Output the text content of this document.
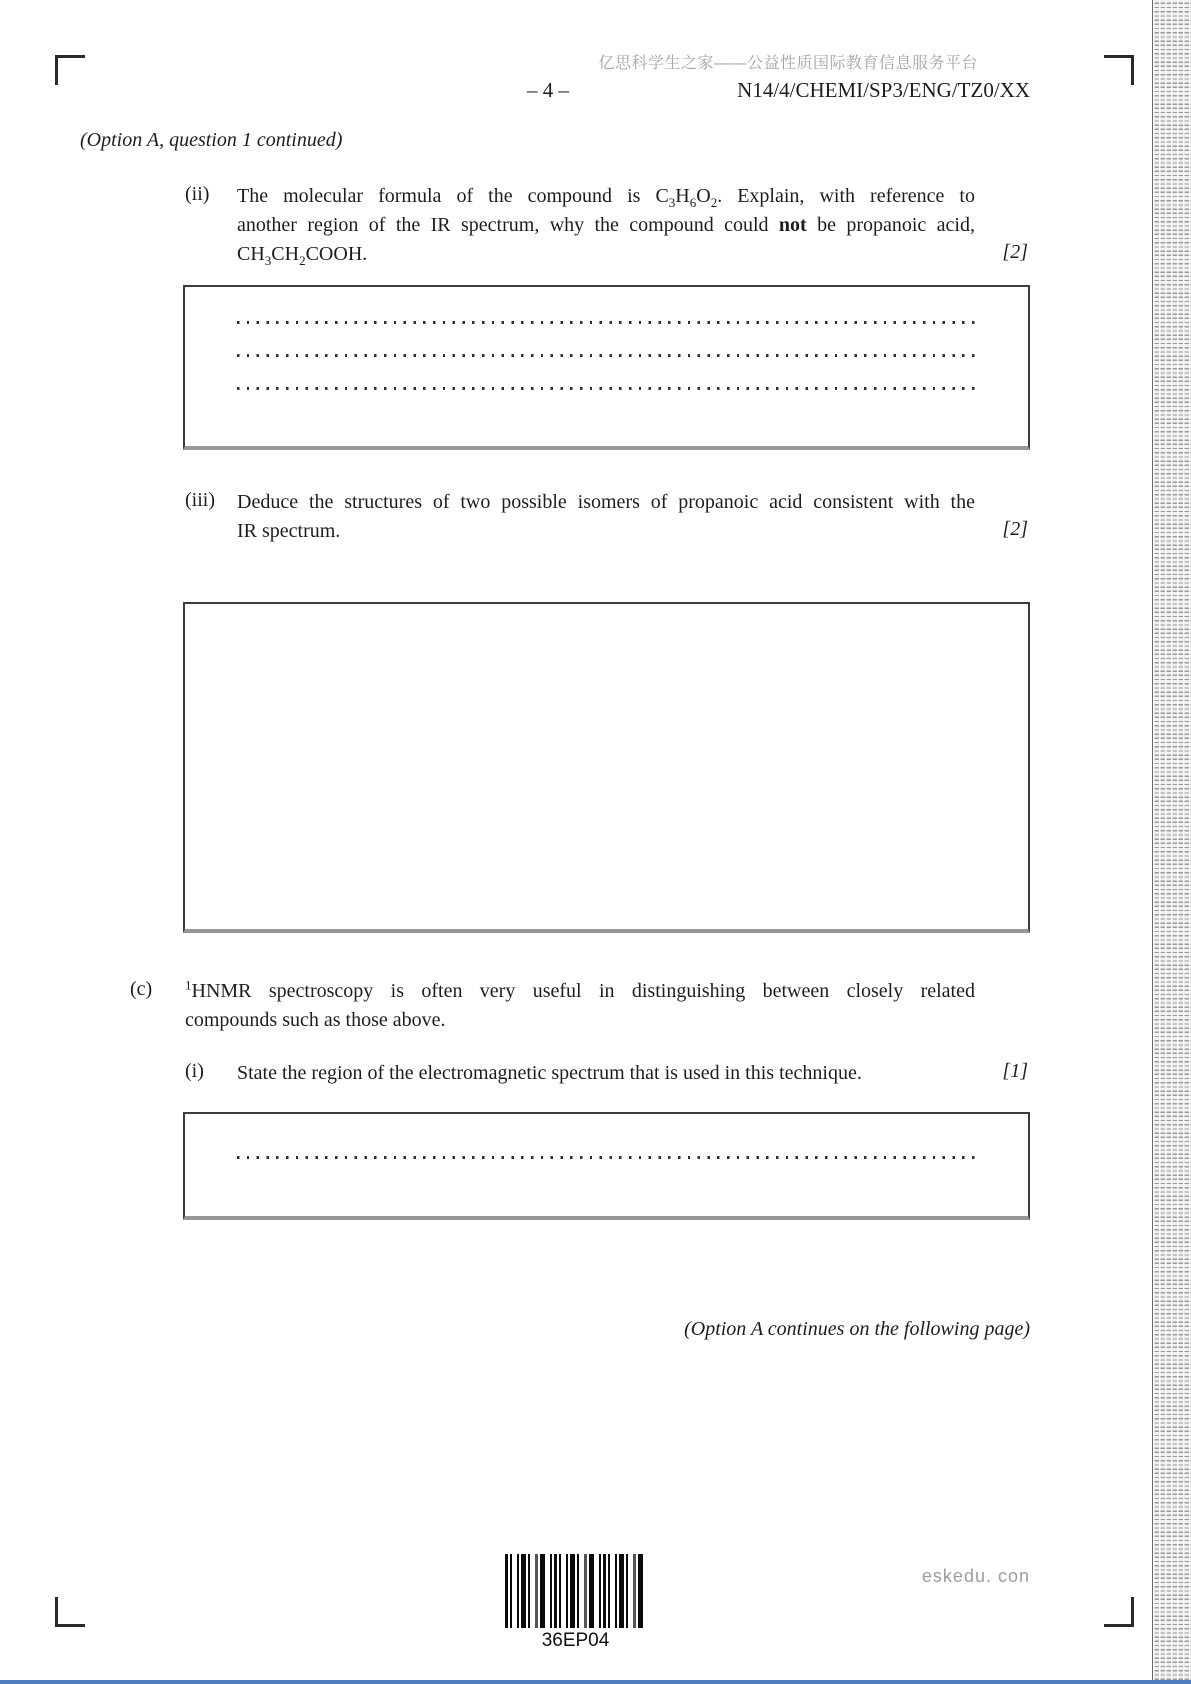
亿思科学生之家——公益性质国际教育信息服务平台
– 4 –	N14/4/CHEMI/SP3/ENG/TZ0/XX
(Option A, question 1 continued)
(ii) The molecular formula of the compound is $C_3H_6O_2$. Explain, with reference to
another region of the IR spectrum, why the compound could not be propanoic acid,
$CH_3CH_2COOH$.	[2]
(iii) Deduce the structures of two possible isomers of propanoic acid consistent with the
IR spectrum.	[2]
(c)	$^1$HNMR spectroscopy is often very useful in distinguishing between closely related
compounds such as those above.
(i) State the region of the electromagnetic spectrum that is used in this technique.	[1]
(Option A continues on the following page)
36EP04
eskedu. con
